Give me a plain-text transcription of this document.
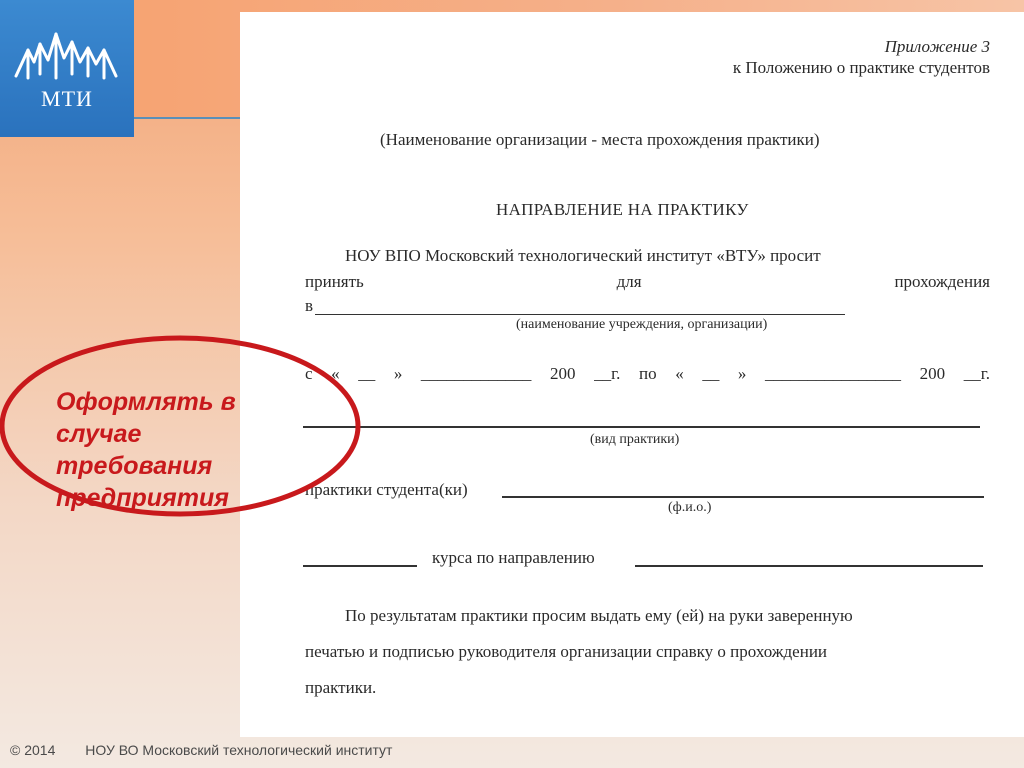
МТИ
Приложение 3
к Положению о практике студентов
(Наименование организации - места прохождения практики)
НАПРАВЛЕНИЕ НА ПРАКТИКУ
НОУ ВПО Московский технологический институт «ВТУ» просит
принять	для	прохождения
в
(наименование учреждения, организации)
с « __ » _____________ 200 __г. по « __ » ________________ 200 __г.
(вид практики)
практики студента(ки)
(ф.и.о.)
курса по направлению
По результатам практики просим выдать ему (ей) на руки заверенную
печатью и подписью руководителя организации справку о прохождении
практики.
Оформлять в
случае
требования
предприятия
© 2014 НОУ ВО Московский технологический институт
